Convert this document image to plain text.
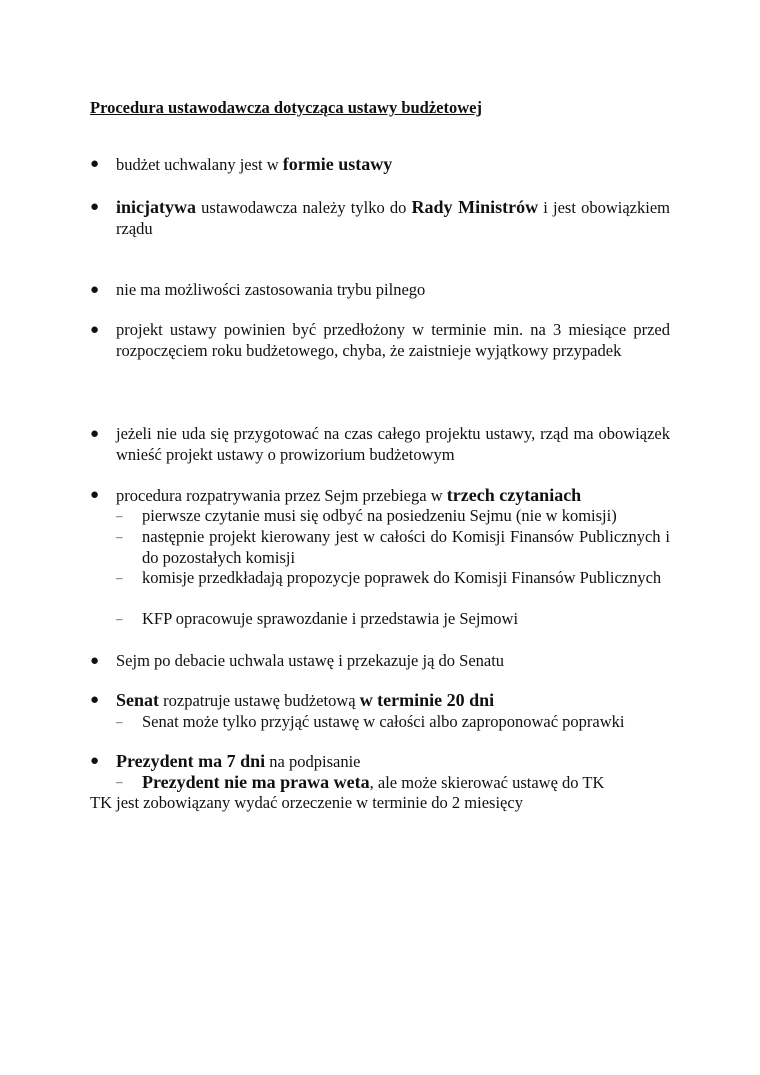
Procedura ustawodawcza dotycząca ustawy budżetowej
●	budżet uchwalany jest w formie ustawy
● inicjatywa ustawodawcza należy tylko do Rady Ministrów i jest obowiązkiem rządu
●	nie ma możliwości zastosowania trybu pilnego
●	projekt ustawy powinien być przedłożony w terminie min. na 3 miesiące przed rozpoczęciem roku budżetowego, chyba, że zaistnieje wyjątkowy przypadek
●	jeżeli nie uda się przygotować na czas całego projektu ustawy, rząd ma obowiązek wnieść projekt ustawy o prowizorium budżetowym
●	procedura rozpatrywania przez Sejm przebiega w trzech czytaniach
– pierwsze czytanie musi się odbyć na posiedzeniu Sejmu (nie w komisji)
– następnie projekt kierowany jest w całości do Komisji Finansów Publicznych i do pozostałych komisji
– komisje przedkładają propozycje poprawek do Komisji Finansów Publicznych
– KFP opracowuje sprawozdanie i przedstawia je Sejmowi
●	Sejm po debacie uchwala ustawę i przekazuje ją do Senatu
● Senat rozpatruje ustawę budżetową w terminie 20 dni
– Senat może tylko przyjąć ustawę w całości albo zaproponować poprawki
● Prezydent ma 7 dni na podpisanie
– Prezydent nie ma prawa weta, ale może skierować ustawę do TK
TK jest zobowiązany wydać orzeczenie w terminie do 2 miesięcy
